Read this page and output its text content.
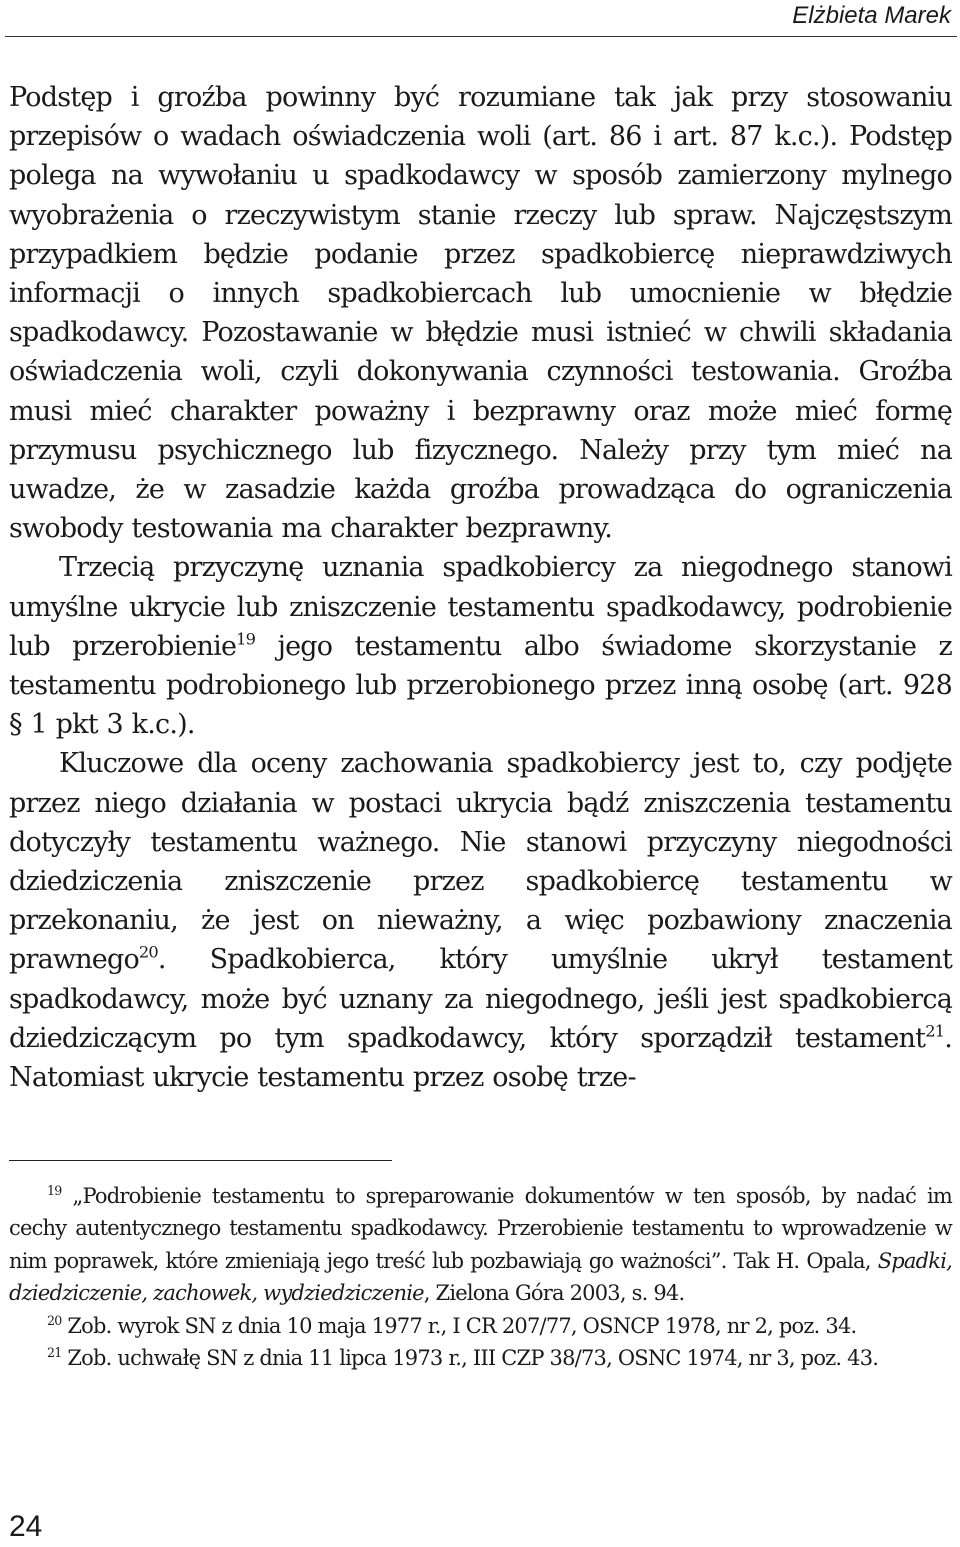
Elżbieta Marek

Podstęp i groźba powinny być rozumiane tak jak przy stosowaniu przepisów o wadach oświadczenia woli (art. 86 i art. 87 k.c.). Podstęp polega na wywołaniu u spadkodawcy w sposób zamierzony mylnego wyobrażenia o rzeczywistym stanie rzeczy lub spraw. Najczęstszym przypadkiem będzie podanie przez spadkobiercę nieprawdziwych informacji o innych spadkobiercach lub umocnienie w błędzie spadkodawcy. Pozostawanie w błędzie musi istnieć w chwili składania oświadczenia woli, czyli dokonywania czynności testowania. Groźba musi mieć charakter poważny i bezprawny oraz może mieć formę przymusu psychicznego lub fizycznego. Należy przy tym mieć na uwadze, że w zasadzie każda groźba prowadząca do ograniczenia swobody testowania ma charakter bezprawny.

Trzecią przyczynę uznania spadkobiercy za niegodnego stanowi umyślne ukrycie lub zniszczenie testamentu spadkodawcy, podrobienie lub przerobienie$^{19}$ jego testamentu albo świadome skorzystanie z testamentu podrobionego lub przerobionego przez inną osobę (art. 928 § 1 pkt 3 k.c.).

Kluczowe dla oceny zachowania spadkobiercy jest to, czy podjęte przez niego działania w postaci ukrycia bądź zniszczenia testamentu dotyczyły testamentu ważnego. Nie stanowi przyczyny niegodności dziedziczenia zniszczenie przez spadkobiercę testamentu w przekonaniu, że jest on nieważny, a więc pozbawiony znaczenia prawnego$^{20}$. Spadkobierca, który umyślnie ukrył testament spadkodawcy, może być uznany za niegodnego, jeśli jest spadkobiercą dziedziczącym po tym spadkodawcy, który sporządził testament$^{21}$. Natomiast ukrycie testamentu przez osobę trze-

$^{19}$ „Podrobienie testamentu to spreparowanie dokumentów w ten sposób, by nadać im cechy autentycznego testamentu spadkodawcy. Przerobienie testamentu to wprowadzenie w nim poprawek, które zmieniają jego treść lub pozbawiają go ważności”. Tak H. Opala, Spadki, dziedziczenie, zachowek, wydziedziczenie, Zielona Góra 2003, s. 94.

$^{20}$ Zob. wyrok SN z dnia 10 maja 1977 r., I CR 207/77, OSNCP 1978, nr 2, poz. 34.

$^{21}$ Zob. uchwałę SN z dnia 11 lipca 1973 r., III CZP 38/73, OSNC 1974, nr 3, poz. 43.

24
